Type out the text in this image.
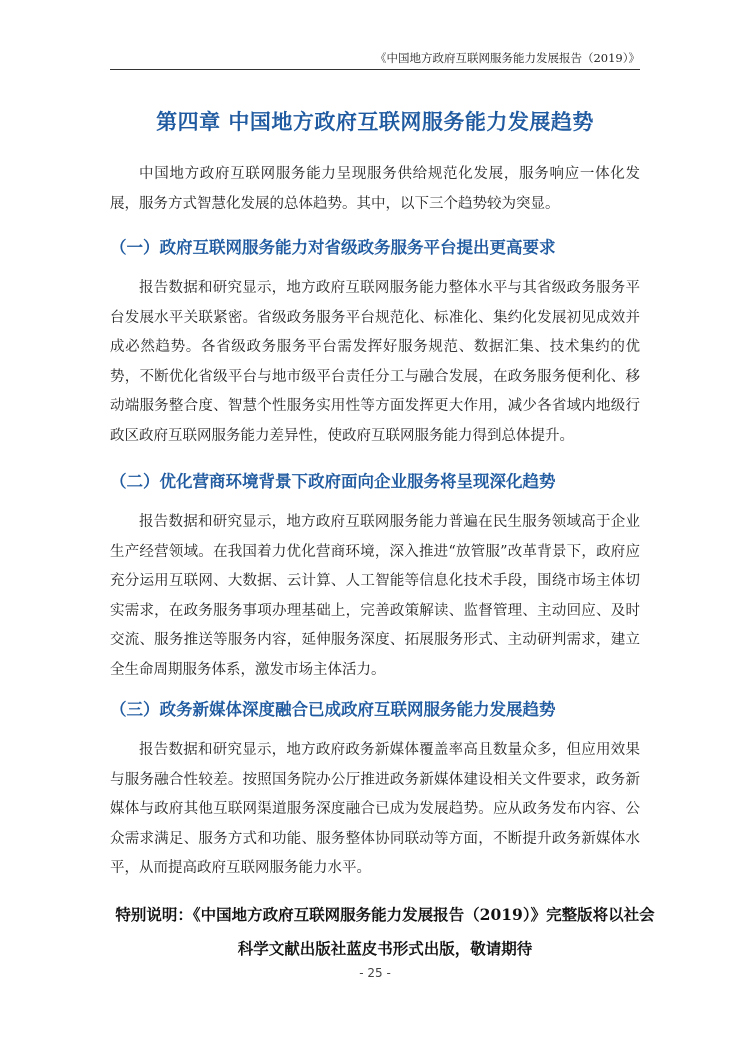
《中国地方政府互联网服务能力发展报告（2019）》
第四章 中国地方政府互联网服务能力发展趋势

中国地方政府互联网服务能力呈现服务供给规范化发展，服务响应一体化发展，服务方式智慧化发展的总体趋势。其中，以下三个趋势较为突显。

（一）政府互联网服务能力对省级政务服务平台提出更高要求

报告数据和研究显示，地方政府互联网服务能力整体水平与其省级政务服务平台发展水平关联紧密。省级政务服务平台规范化、标准化、集约化发展初见成效并成必然趋势。各省级政务服务平台需发挥好服务规范、数据汇集、技术集约的优势，不断优化省级平台与地市级平台责任分工与融合发展，在政务服务便利化、移动端服务整合度、智慧个性服务实用性等方面发挥更大作用，减少各省域内地级行政区政府互联网服务能力差异性，使政府互联网服务能力得到总体提升。

（二）优化营商环境背景下政府面向企业服务将呈现深化趋势

报告数据和研究显示，地方政府互联网服务能力普遍在民生服务领域高于企业生产经营领域。在我国着力优化营商环境，深入推进“放管服”改革背景下，政府应充分运用互联网、大数据、云计算、人工智能等信息化技术手段，围绕市场主体切实需求，在政务服务事项办理基础上，完善政策解读、监督管理、主动回应、及时交流、服务推送等服务内容，延伸服务深度、拓展服务形式、主动研判需求，建立全生命周期服务体系，激发市场主体活力。

（三）政务新媒体深度融合已成政府互联网服务能力发展趋势

报告数据和研究显示，地方政府政务新媒体覆盖率高且数量众多，但应用效果与服务融合性较差。按照国务院办公厅推进政务新媒体建设相关文件要求，政务新媒体与政府其他互联网渠道服务深度融合已成为发展趋势。应从政务发布内容、公众需求满足、服务方式和功能、服务整体协同联动等方面，不断提升政务新媒体水平，从而提高政府互联网服务能力水平。

特别说明：《中国地方政府互联网服务能力发展报告（2019）》完整版将以社会科学文献出版社蓝皮书形式出版，敬请期待

- 25 -
